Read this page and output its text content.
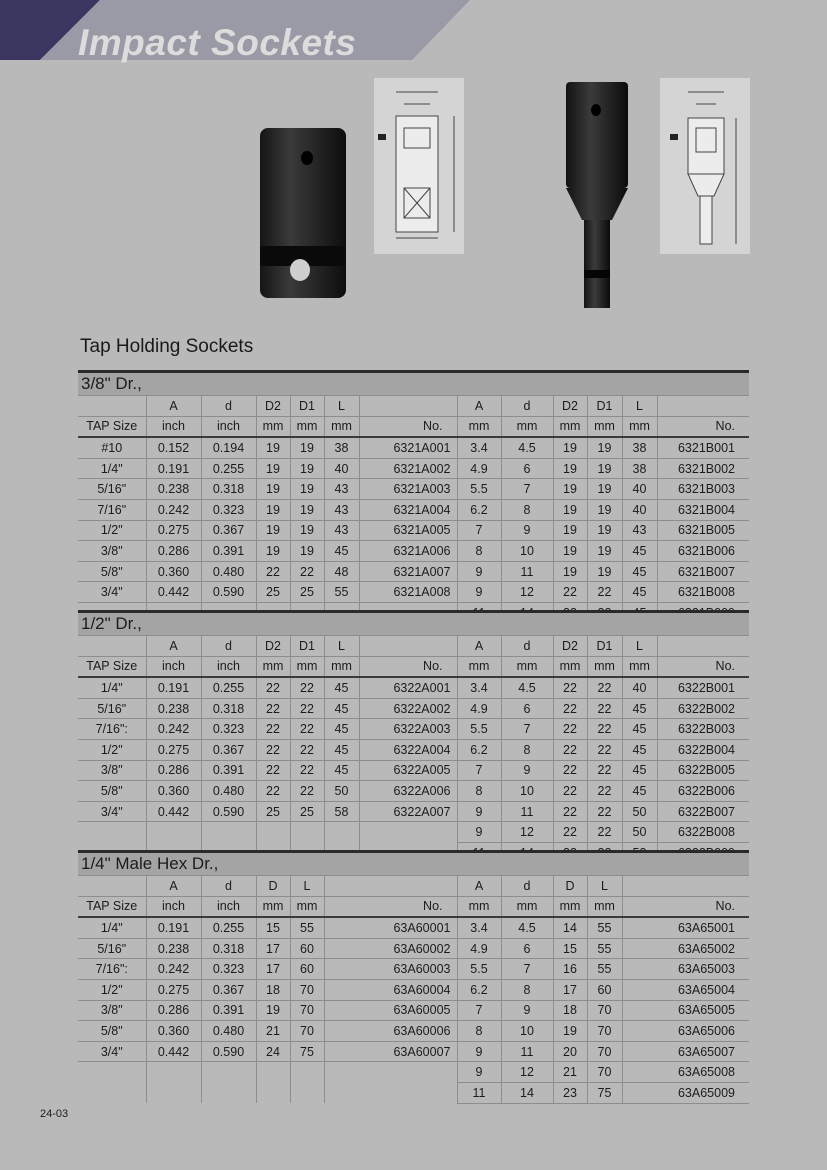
Impact Sockets
Tap Holding Sockets
3/8" Dr.,
	A	d	D2	D1	L		A	d	D2	D1	L	
TAP Size	inch	inch	mm	mm	mm	No.	mm	mm	mm	mm	mm	No.
#10	0.152	0.194	19	19	38	6321A001	3.4	4.5	19	19	38	6321B001
1/4"	0.191	0.255	19	19	40	6321A002	4.9	6	19	19	38	6321B002
5/16"	0.238	0.318	19	19	43	6321A003	5.5	7	19	19	40	6321B003
7/16"	0.242	0.323	19	19	43	6321A004	6.2	8	19	19	40	6321B004
1/2"	0.275	0.367	19	19	43	6321A005	7	9	19	19	43	6321B005
3/8"	0.286	0.391	19	19	45	6321A006	8	10	19	19	45	6321B006
5/8"	0.360	0.480	22	22	48	6321A007	9	11	19	19	45	6321B007
3/4"	0.442	0.590	25	25	55	6321A008	9	12	22	22	45	6321B008

1/2" Dr.,
	A	d	D2	D1	L		A	d	D2	D1	L	
TAP Size	inch	inch	mm	mm	mm	No.	mm	mm	mm	mm	mm	No.
1/4"	0.191	0.255	22	22	45	6322A001	3.4	4.5	22	22	40	6322B001
5/16"	0.238	0.318	22	22	45	6322A002	4.9	6	22	22	45	6322B002
7/16":	0.242	0.323	22	22	45	6322A003	5.5	7	22	22	45	6322B003
1/2"	0.275	0.367	22	22	45	6322A004	6.2	8	22	22	45	6322B004
3/8"	0.286	0.391	22	22	45	6322A005	7	9	22	22	45	6322B005
5/8"	0.360	0.480	22	22	50	6322A006	8	10	22	22	45	6322B006
3/4"	0.442	0.590	25	25	58	6322A007	9	11	22	22	50	6322B007
							9	12	22	22	50	6322B008

1/4" Male Hex Dr.,
	A	d	D	L		A	d	D	L	
TAP Size	inch	inch	mm	mm	No.	mm	mm	mm	mm	No.
1/4"	0.191	0.255	15	55	63A60001	3.4	4.5	14	55	63A65001
5/16"	0.238	0.318	17	60	63A60002	4.9	6	15	55	63A65002
7/16":	0.242	0.323	17	60	63A60003	5.5	7	16	55	63A65003
1/2"	0.275	0.367	18	70	63A60004	6.2	8	17	60	63A65004
3/8"	0.286	0.391	19	70	63A60005	7	9	18	70	63A65005
5/8"	0.360	0.480	21	70	63A60006	8	10	19	70	63A65006
3/4"	0.442	0.590	24	75	63A60007	9	11	20	70	63A65007
						9	12	21	70	63A65008
						11	14	23	75	63A65009
24-03
